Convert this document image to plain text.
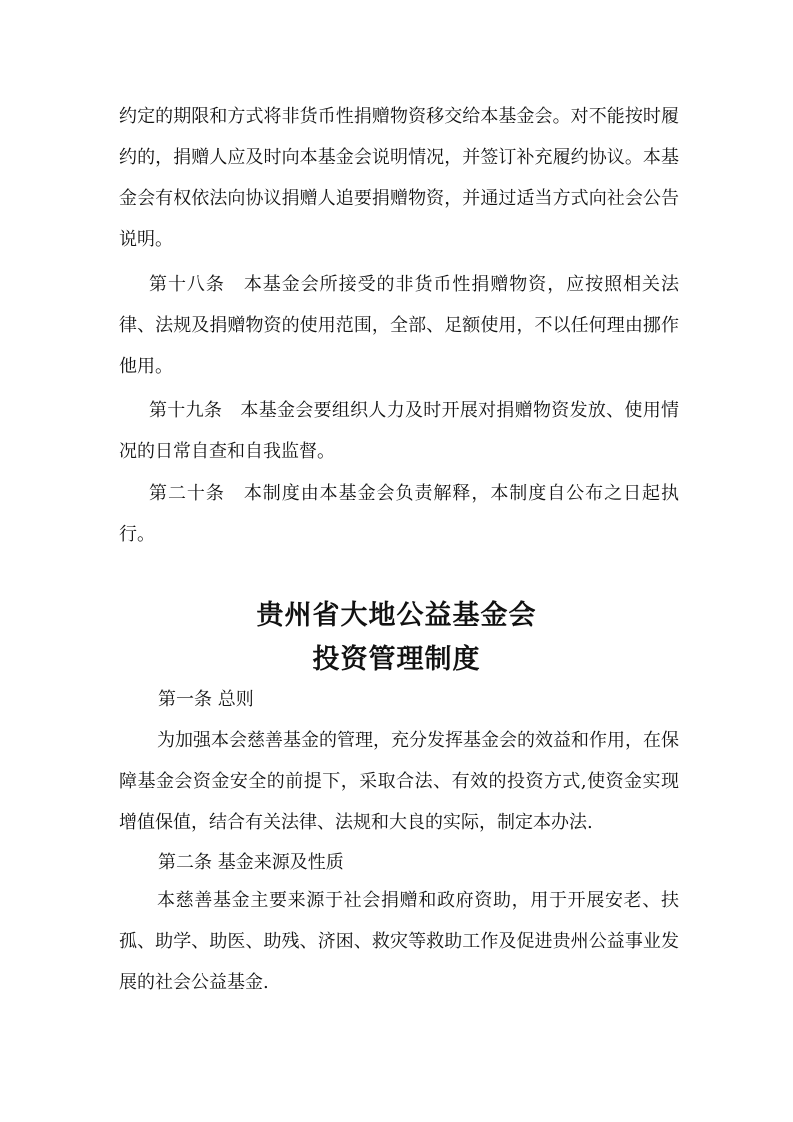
约定的期限和方式将非货币性捐赠物资移交给本基金会。对不能按时履约的，捐赠人应及时向本基金会说明情况，并签订补充履约协议。本基金会有权依法向协议捐赠人追要捐赠物资，并通过适当方式向社会公告说明。

第十八条　本基金会所接受的非货币性捐赠物资，应按照相关法律、法规及捐赠物资的使用范围，全部、足额使用，不以任何理由挪作他用。

第十九条　本基金会要组织人力及时开展对捐赠物资发放、使用情况的日常自查和自我监督。

第二十条　本制度由本基金会负责解释，本制度自公布之日起执行。

贵州省大地公益基金会
投资管理制度

第一条 总则

为加强本会慈善基金的管理，充分发挥基金会的效益和作用，在保障基金会资金安全的前提下，采取合法、有效的投资方式,使资金实现增值保值，结合有关法律、法规和大良的实际，制定本办法.

第二条 基金来源及性质

本慈善基金主要来源于社会捐赠和政府资助，用于开展安老、扶孤、助学、助医、助残、济困、救灾等救助工作及促进贵州公益事业发展的社会公益基金.
